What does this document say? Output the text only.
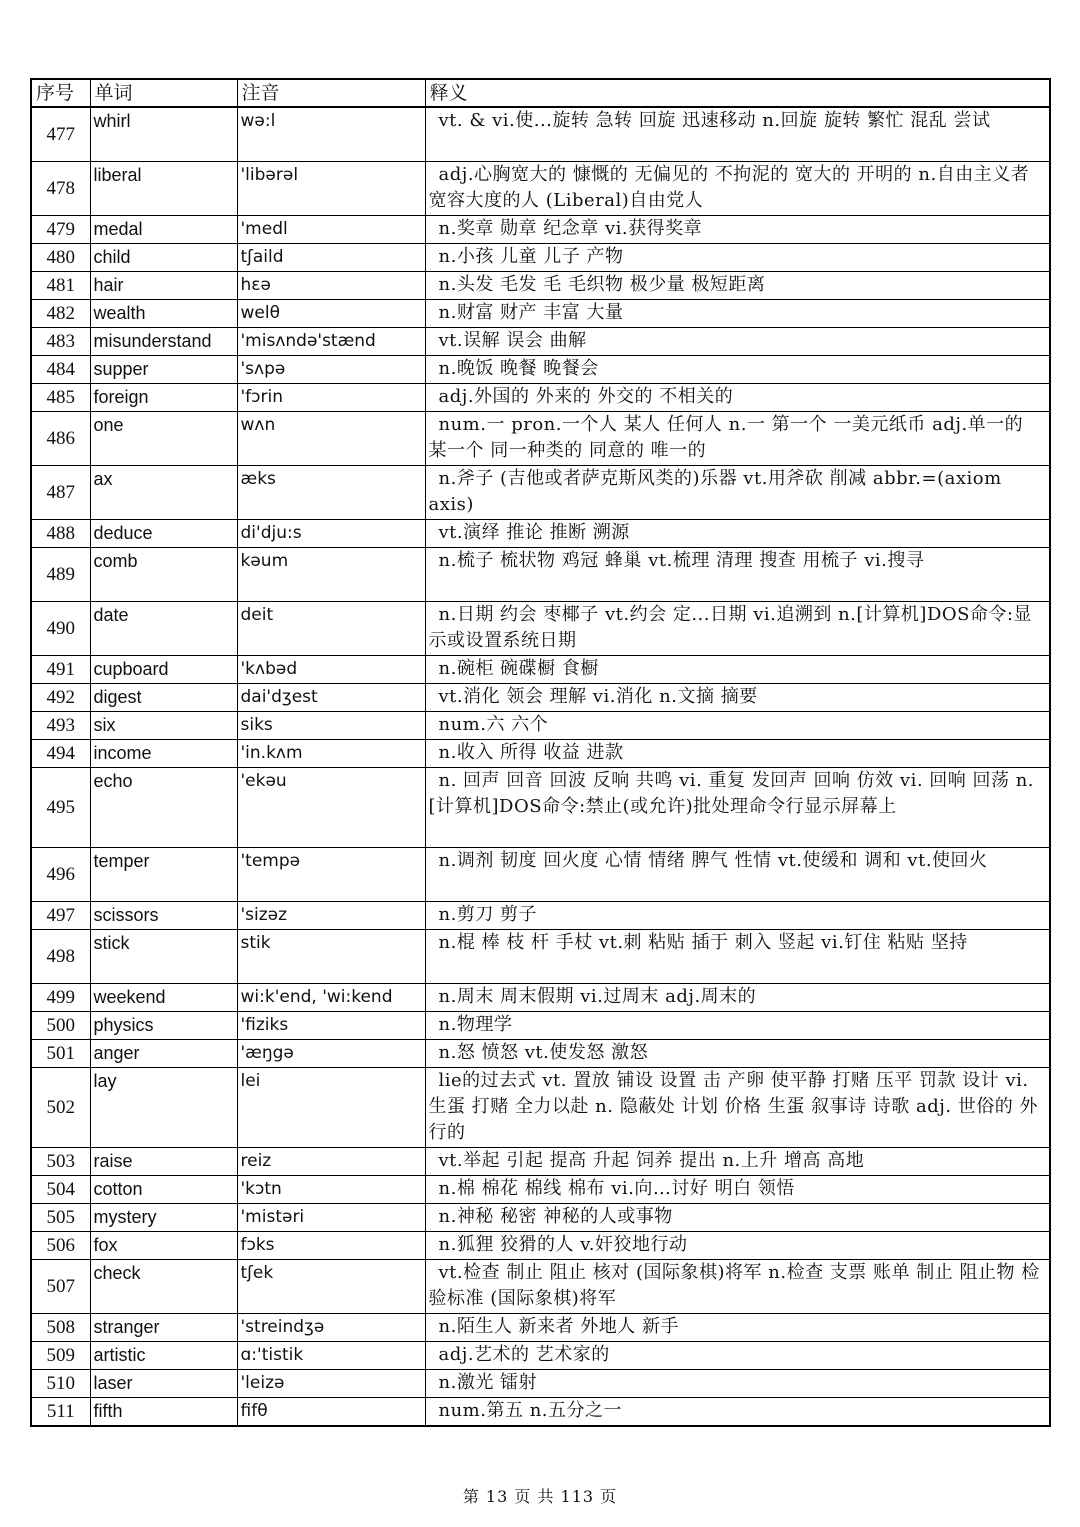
序号	单词	注音	释义
477	whirl	wə:l	vt. & vi.使...旋转 急转 回旋 迅速移动 n.回旋 旋转 繁忙 混乱 尝试
478	liberal	'libərəl	adj.心胸宽大的 慷慨的 无偏见的 不拘泥的 宽大的 开明的 n.自由主义者 宽容大度的人 (Liberal)自由党人
479	medal	'medl	n.奖章 勋章 纪念章 vi.获得奖章
480	child	tʃaild	n.小孩 儿童 儿子 产物
481	hair	hɛə	n.头发 毛发 毛 毛织物 极少量 极短距离
482	wealth	welθ	n.财富 财产 丰富 大量
483	misunderstand	'misʌndə'stænd	vt.误解 误会 曲解
484	supper	'sʌpə	n.晚饭 晚餐 晚餐会
485	foreign	'fɔrin	adj.外国的 外来的 外交的 不相关的
486	one	wʌn	num.一 pron.一个人 某人 任何人 n.一 第一个 一美元纸币 adj.单一的 某一个 同一种类的 同意的 唯一的
487	ax	æks	n.斧子 (吉他或者萨克斯风类的)乐器 vt.用斧砍 削减 abbr.=(axiom axis)
488	deduce	di'dju:s	vt.演绎 推论 推断 溯源
489	comb	kəum	n.梳子 梳状物 鸡冠 蜂巢 vt.梳理 清理 搜查 用梳子 vi.搜寻
490	date	deit	n.日期 约会 枣椰子 vt.约会 定...日期 vi.追溯到 n.[计算机]DOS命令:显示或设置系统日期
491	cupboard	'kʌbəd	n.碗柜 碗碟橱 食橱
492	digest	dai'dʒest	vt.消化 领会 理解 vi.消化 n.文摘 摘要
493	six	siks	num.六 六个
494	income	'in.kʌm	n.收入 所得 收益 进款
495	echo	'ekəu	n. 回声 回音 回波 反响 共鸣 vi. 重复 发回声 回响 仿效 vi. 回响 回荡 n.[计算机]DOS命令:禁止(或允许)批处理命令行显示屏幕上
496	temper	'tempə	n.调剂 韧度 回火度 心情 情绪 脾气 性情 vt.使缓和 调和 vt.使回火
497	scissors	'sizəz	n.剪刀 剪子
498	stick	stik	n.棍 棒 枝 杆 手杖 vt.刺 粘贴 插于 刺入 竖起 vi.钉住 粘贴 坚持
499	weekend	wi:k'end, 'wi:kend	n.周末 周末假期 vi.过周末 adj.周末的
500	physics	'fiziks	n.物理学
501	anger	'æŋgə	n.怒 愤怒 vt.使发怒 激怒
502	lay	lei	lie的过去式 vt. 置放 铺设 设置 击 产卵 使平静 打赌 压平 罚款 设计 vi. 生蛋 打赌 全力以赴 n. 隐蔽处 计划 价格 生蛋 叙事诗 诗歌 adj. 世俗的 外行的
503	raise	reiz	vt.举起 引起 提高 升起 饲养 提出 n.上升 增高 高地
504	cotton	'kɔtn	n.棉 棉花 棉线 棉布 vi.向…讨好 明白 领悟
505	mystery	'mistəri	n.神秘 秘密 神秘的人或事物
506	fox	fɔks	n.狐狸 狡猾的人 v.奸狡地行动
507	check	tʃek	vt.检查 制止 阻止 核对 (国际象棋)将军 n.检查 支票 账单 制止 阻止物 检验标准 (国际象棋)将军
508	stranger	'streindʒə	n.陌生人 新来者 外地人 新手
509	artistic	ɑ:'tistik	adj.艺术的 艺术家的
510	laser	'leizə	n.激光 镭射
511	fifth	fifθ	num.第五 n.五分之一
第 13 页 共 113 页
